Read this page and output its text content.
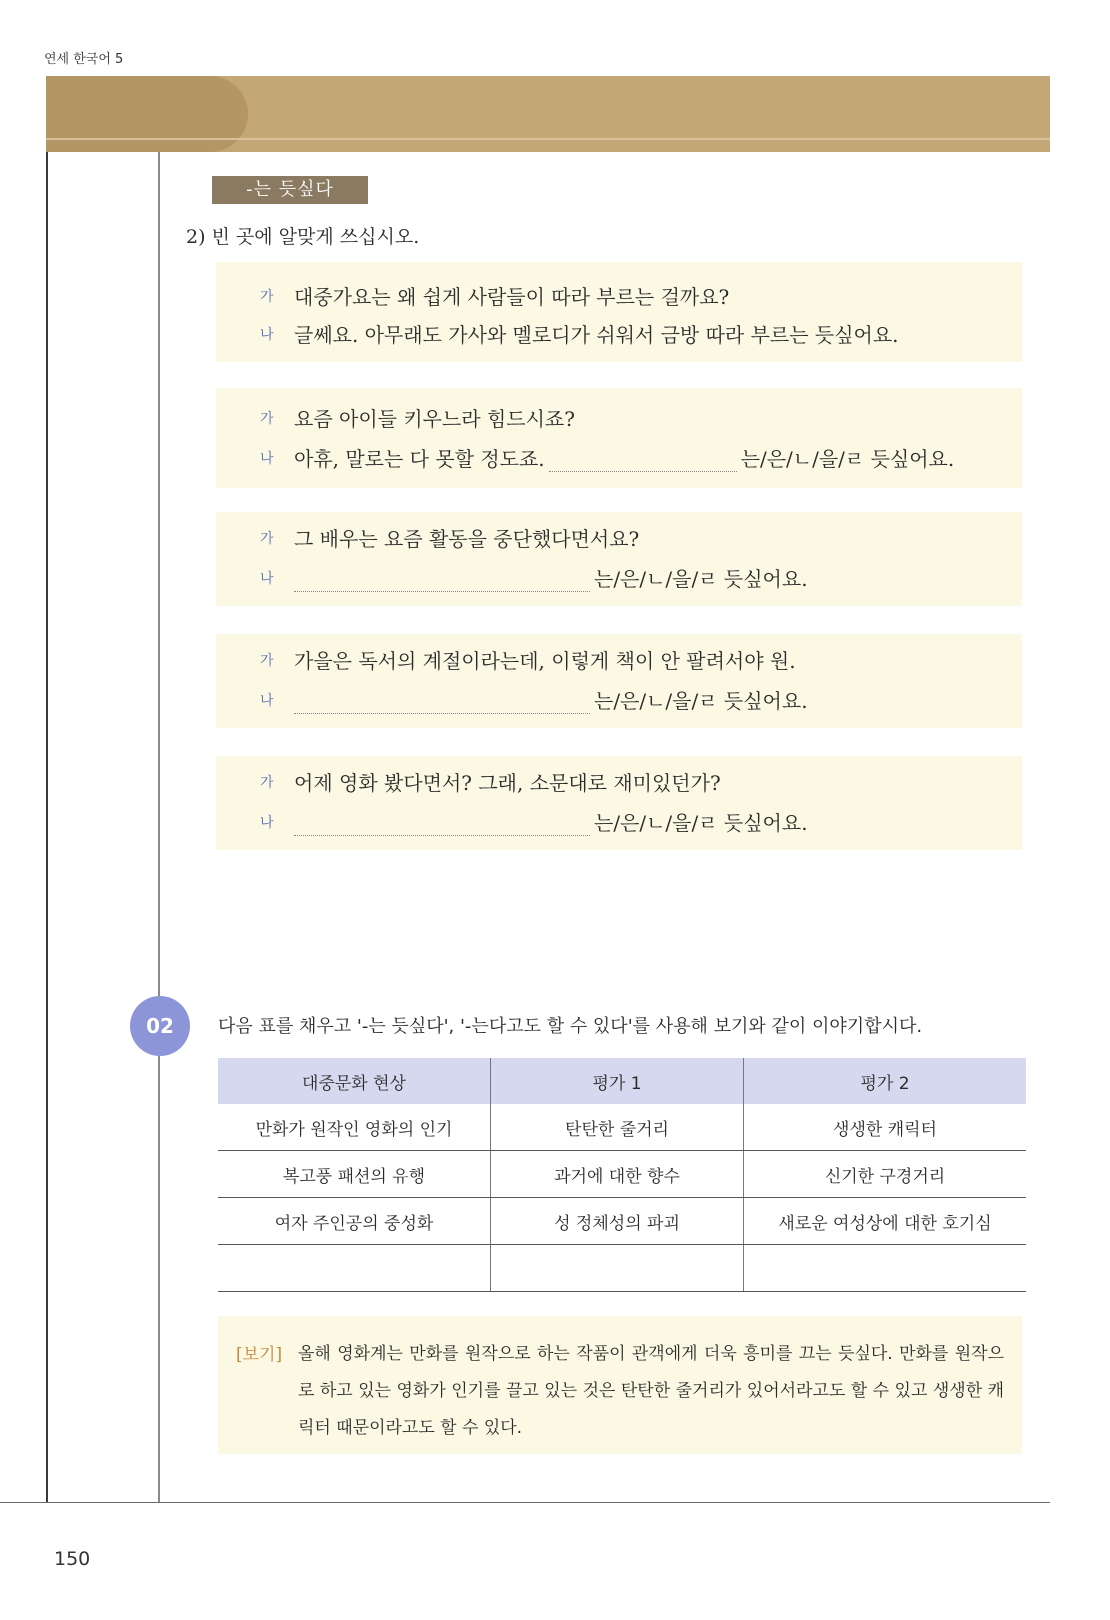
연세 한국어 5
-는 듯싶다
2) 빈 곳에 알맞게 쓰십시오.
가	대중가요는 왜 쉽게 사람들이 따라 부르는 걸까요?
나	글쎄요. 아무래도 가사와 멜로디가 쉬워서 금방 따라 부르는 듯싶어요.
가	요즘 아이들 키우느라 힘드시죠?
나	아휴, 말로는 다 못할 정도죠.	는/은/ㄴ/을/ㄹ 듯싶어요.
가	그 배우는 요즘 활동을 중단했다면서요?
나	는/은/ㄴ/을/ㄹ 듯싶어요.
가	가을은 독서의 계절이라는데, 이렇게 책이 안 팔려서야 원.
나	는/은/ㄴ/을/ㄹ 듯싶어요.
가	어제 영화 봤다면서? 그래, 소문대로 재미있던가?
나	는/은/ㄴ/을/ㄹ 듯싶어요.
02	다음 표를 채우고 '-는 듯싶다', '-는다고도 할 수 있다'를 사용해 보기와 같이 이야기합시다.
대중문화 현상	평가 1	평가 2
만화가 원작인 영화의 인기	탄탄한 줄거리	생생한 캐릭터
복고풍 패션의 유행	과거에 대한 향수	신기한 구경거리
여자 주인공의 중성화	성 정체성의 파괴	새로운 여성상에 대한 호기심

[보기] 올해 영화계는 만화를 원작으로 하는 작품이 관객에게 더욱 흥미를 끄는 듯싶다. 만화를 원작으로 하고 있는 영화가 인기를 끌고 있는 것은 탄탄한 줄거리가 있어서라고도 할 수 있고 생생한 캐릭터 때문이라고도 할 수 있다.
150
